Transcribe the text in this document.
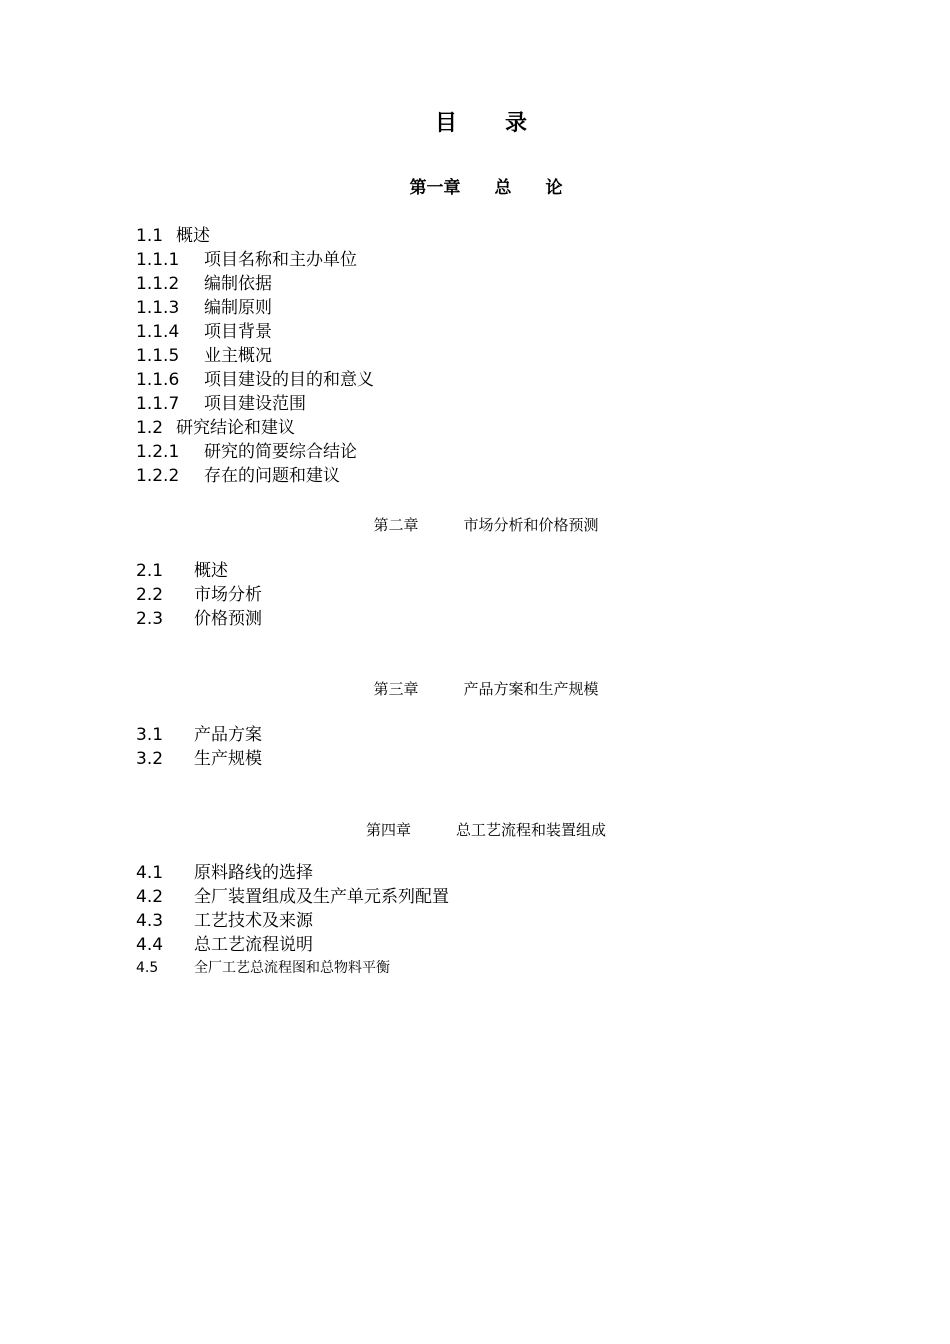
目录
第一章　　总　　论
1.1 概述
1.1.1 项目名称和主办单位
1.1.2 编制依据
1.1.3 编制原则
1.1.4 项目背景
1.1.5 业主概况
1.1.6 项目建设的目的和意义
1.1.7 项目建设范围
1.2 研究结论和建议
1.2.1 研究的简要综合结论
1.2.2 存在的问题和建议
第二章　　　市场分析和价格预测
2.1 概述
2.2 市场分析
2.3 价格预测
第三章　　　产品方案和生产规模
3.1 产品方案
3.2 生产规模
第四章　　　总工艺流程和装置组成
4.1 原料路线的选择
4.2 全厂装置组成及生产单元系列配置
4.3 工艺技术及来源
4.4 总工艺流程说明
4.5	全厂工艺总流程图和总物料平衡
